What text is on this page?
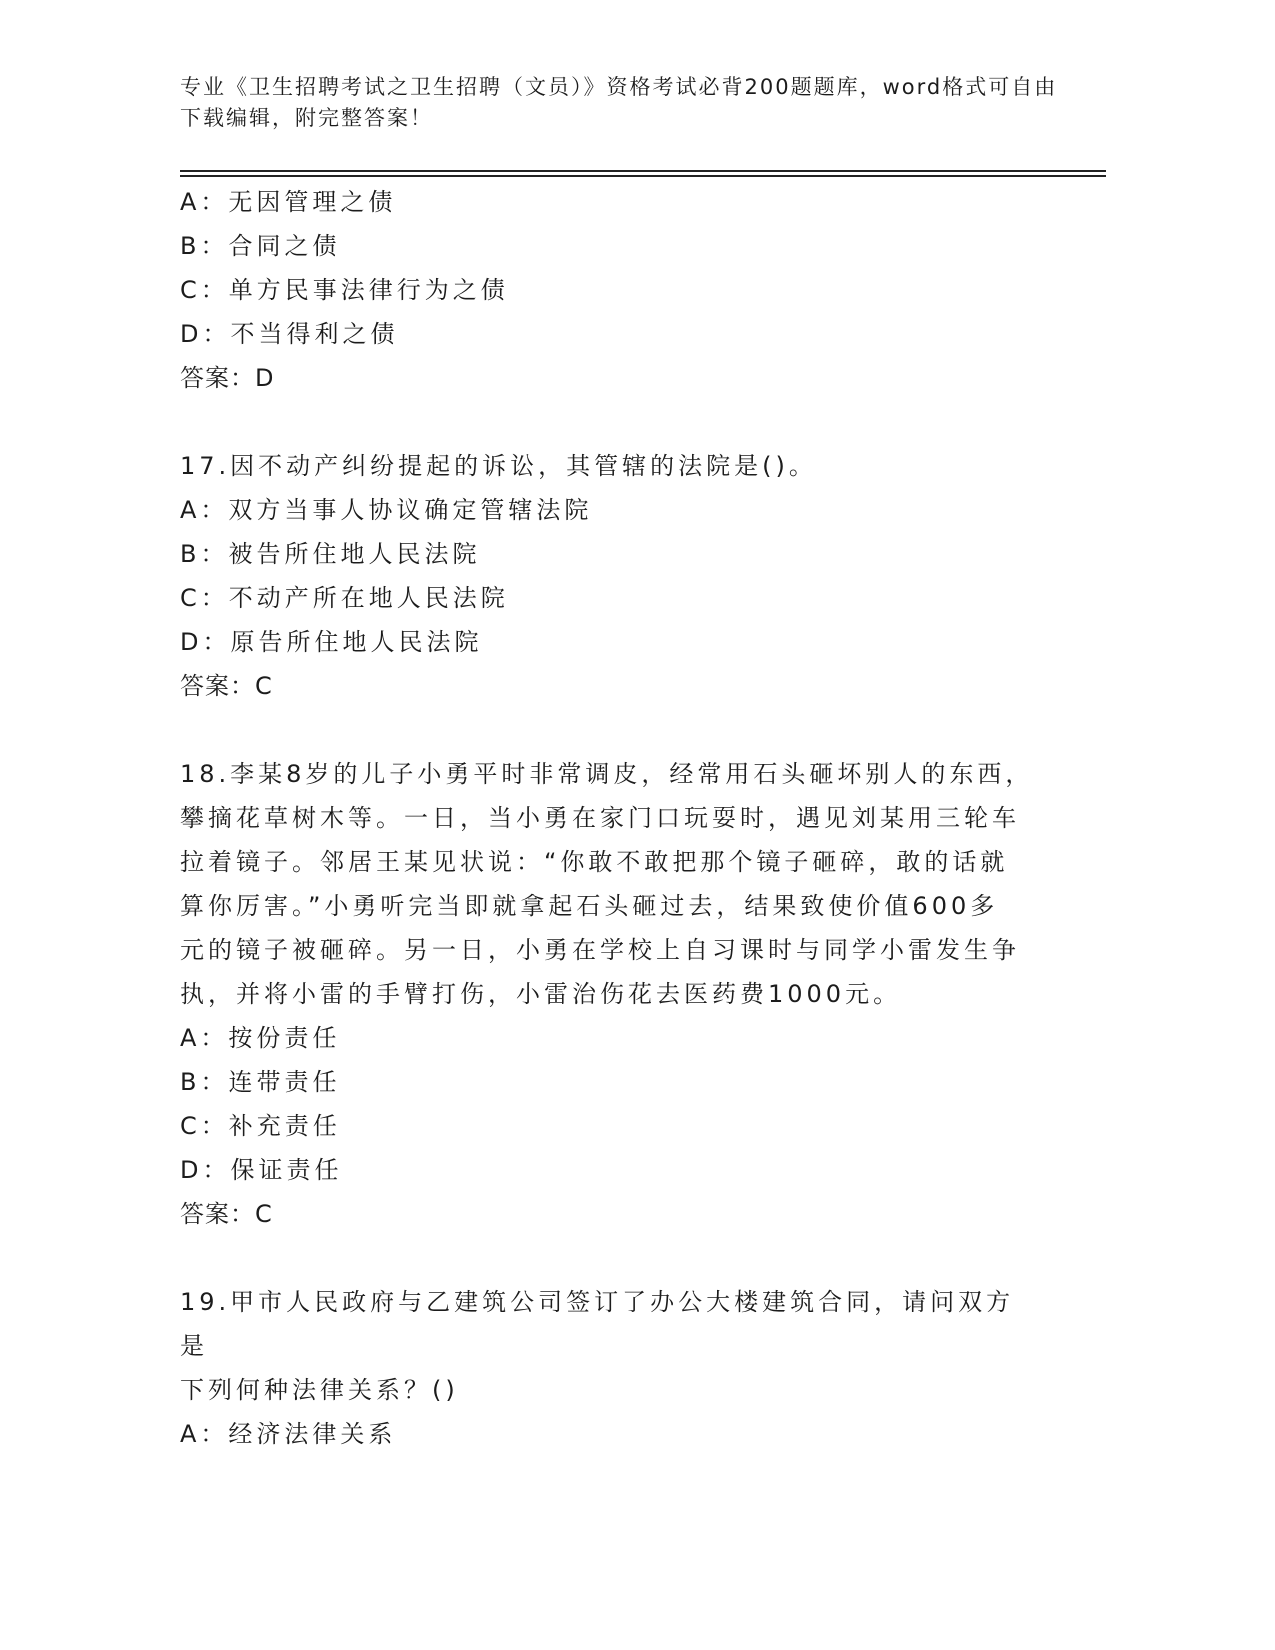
专业《卫生招聘考试之卫生招聘（文员）》资格考试必背200题题库，word格式可自由下载编辑，附完整答案！
A：无因管理之债
B：合同之债
C：单方民事法律行为之债
D：不当得利之债
答案：D
17.因不动产纠纷提起的诉讼，其管辖的法院是()。
A：双方当事人协议确定管辖法院
B：被告所住地人民法院
C：不动产所在地人民法院
D：原告所住地人民法院
答案：C
18.李某8岁的儿子小勇平时非常调皮，经常用石头砸坏别人的东西，
攀摘花草树木等。一日，当小勇在家门口玩耍时，遇见刘某用三轮车
拉着镜子。邻居王某见状说：“你敢不敢把那个镜子砸碎，敢的话就
算你厉害。”小勇听完当即就拿起石头砸过去，结果致使价值600多
元的镜子被砸碎。另一日，小勇在学校上自习课时与同学小雷发生争
执，并将小雷的手臂打伤，小雷治伤花去医药费1000元。
A：按份责任
B：连带责任
C：补充责任
D：保证责任
答案：C
19.甲市人民政府与乙建筑公司签订了办公大楼建筑合同，请问双方是
下列何种法律关系？()
A：经济法律关系
